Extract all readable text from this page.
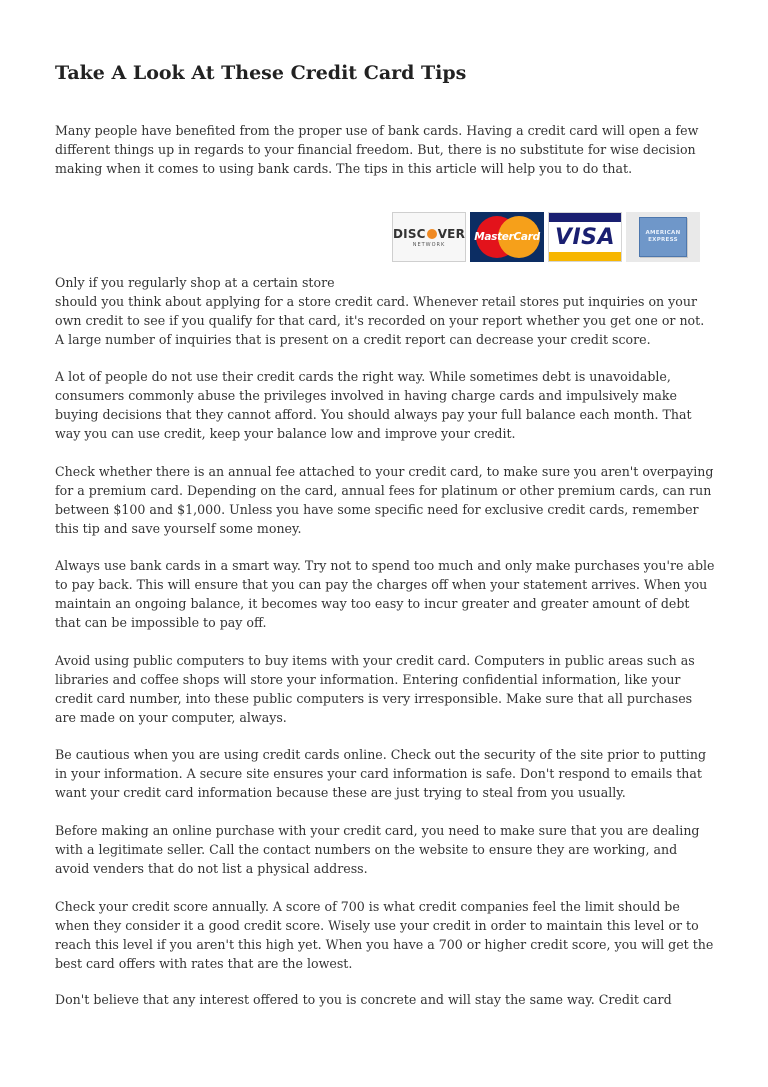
Take A Look At These Credit Card Tips

Many people have benefited from the proper use of bank cards. Having a credit card will open a few different things up in regards to your financial freedom. But, there is no substitute for wise decision making when it comes to using bank cards. The tips in this article will help you to do that.

DISC VER
NETWORK
MasterCard VISA	AMERICAN
EXPRESS

Only if you regularly shop at a certain store

should you think about applying for a store credit card. Whenever retail stores put inquiries on your own credit to see if you qualify for that card, it's recorded on your report whether you get one or not. A large number of inquiries that is present on a credit report can decrease your credit score.

A lot of people do not use their credit cards the right way. While sometimes debt is unavoidable, consumers commonly abuse the privileges involved in having charge cards and impulsively make buying decisions that they cannot afford. You should always pay your full balance each month. That way you can use credit, keep your balance low and improve your credit.

Check whether there is an annual fee attached to your credit card, to make sure you aren't overpaying for a premium card. Depending on the card, annual fees for platinum or other premium cards, can run between $100 and $1,000. Unless you have some specific need for exclusive credit cards, remember this tip and save yourself some money.

Always use bank cards in a smart way. Try not to spend too much and only make purchases you're able to pay back. This will ensure that you can pay the charges off when your statement arrives. When you maintain an ongoing balance, it becomes way too easy to incur greater and greater amount of debt that can be impossible to pay off.

Avoid using public computers to buy items with your credit card. Computers in public areas such as libraries and coffee shops will store your information. Entering confidential information, like your credit card number, into these public computers is very irresponsible. Make sure that all purchases are made on your computer, always.

Be cautious when you are using credit cards online. Check out the security of the site prior to putting in your information. A secure site ensures your card information is safe. Don't respond to emails that want your credit card information because these are just trying to steal from you usually.

Before making an online purchase with your credit card, you need to make sure that you are dealing with a legitimate seller. Call the contact numbers on the website to ensure they are working, and avoid venders that do not list a physical address.

Check your credit score annually. A score of 700 is what credit companies feel the limit should be when they consider it a good credit score. Wisely use your credit in order to maintain this level or to reach this level if you aren't this high yet. When you have a 700 or higher credit score, you will get the best card offers with rates that are the lowest.

Don't believe that any interest offered to you is concrete and will stay the same way. Credit card
